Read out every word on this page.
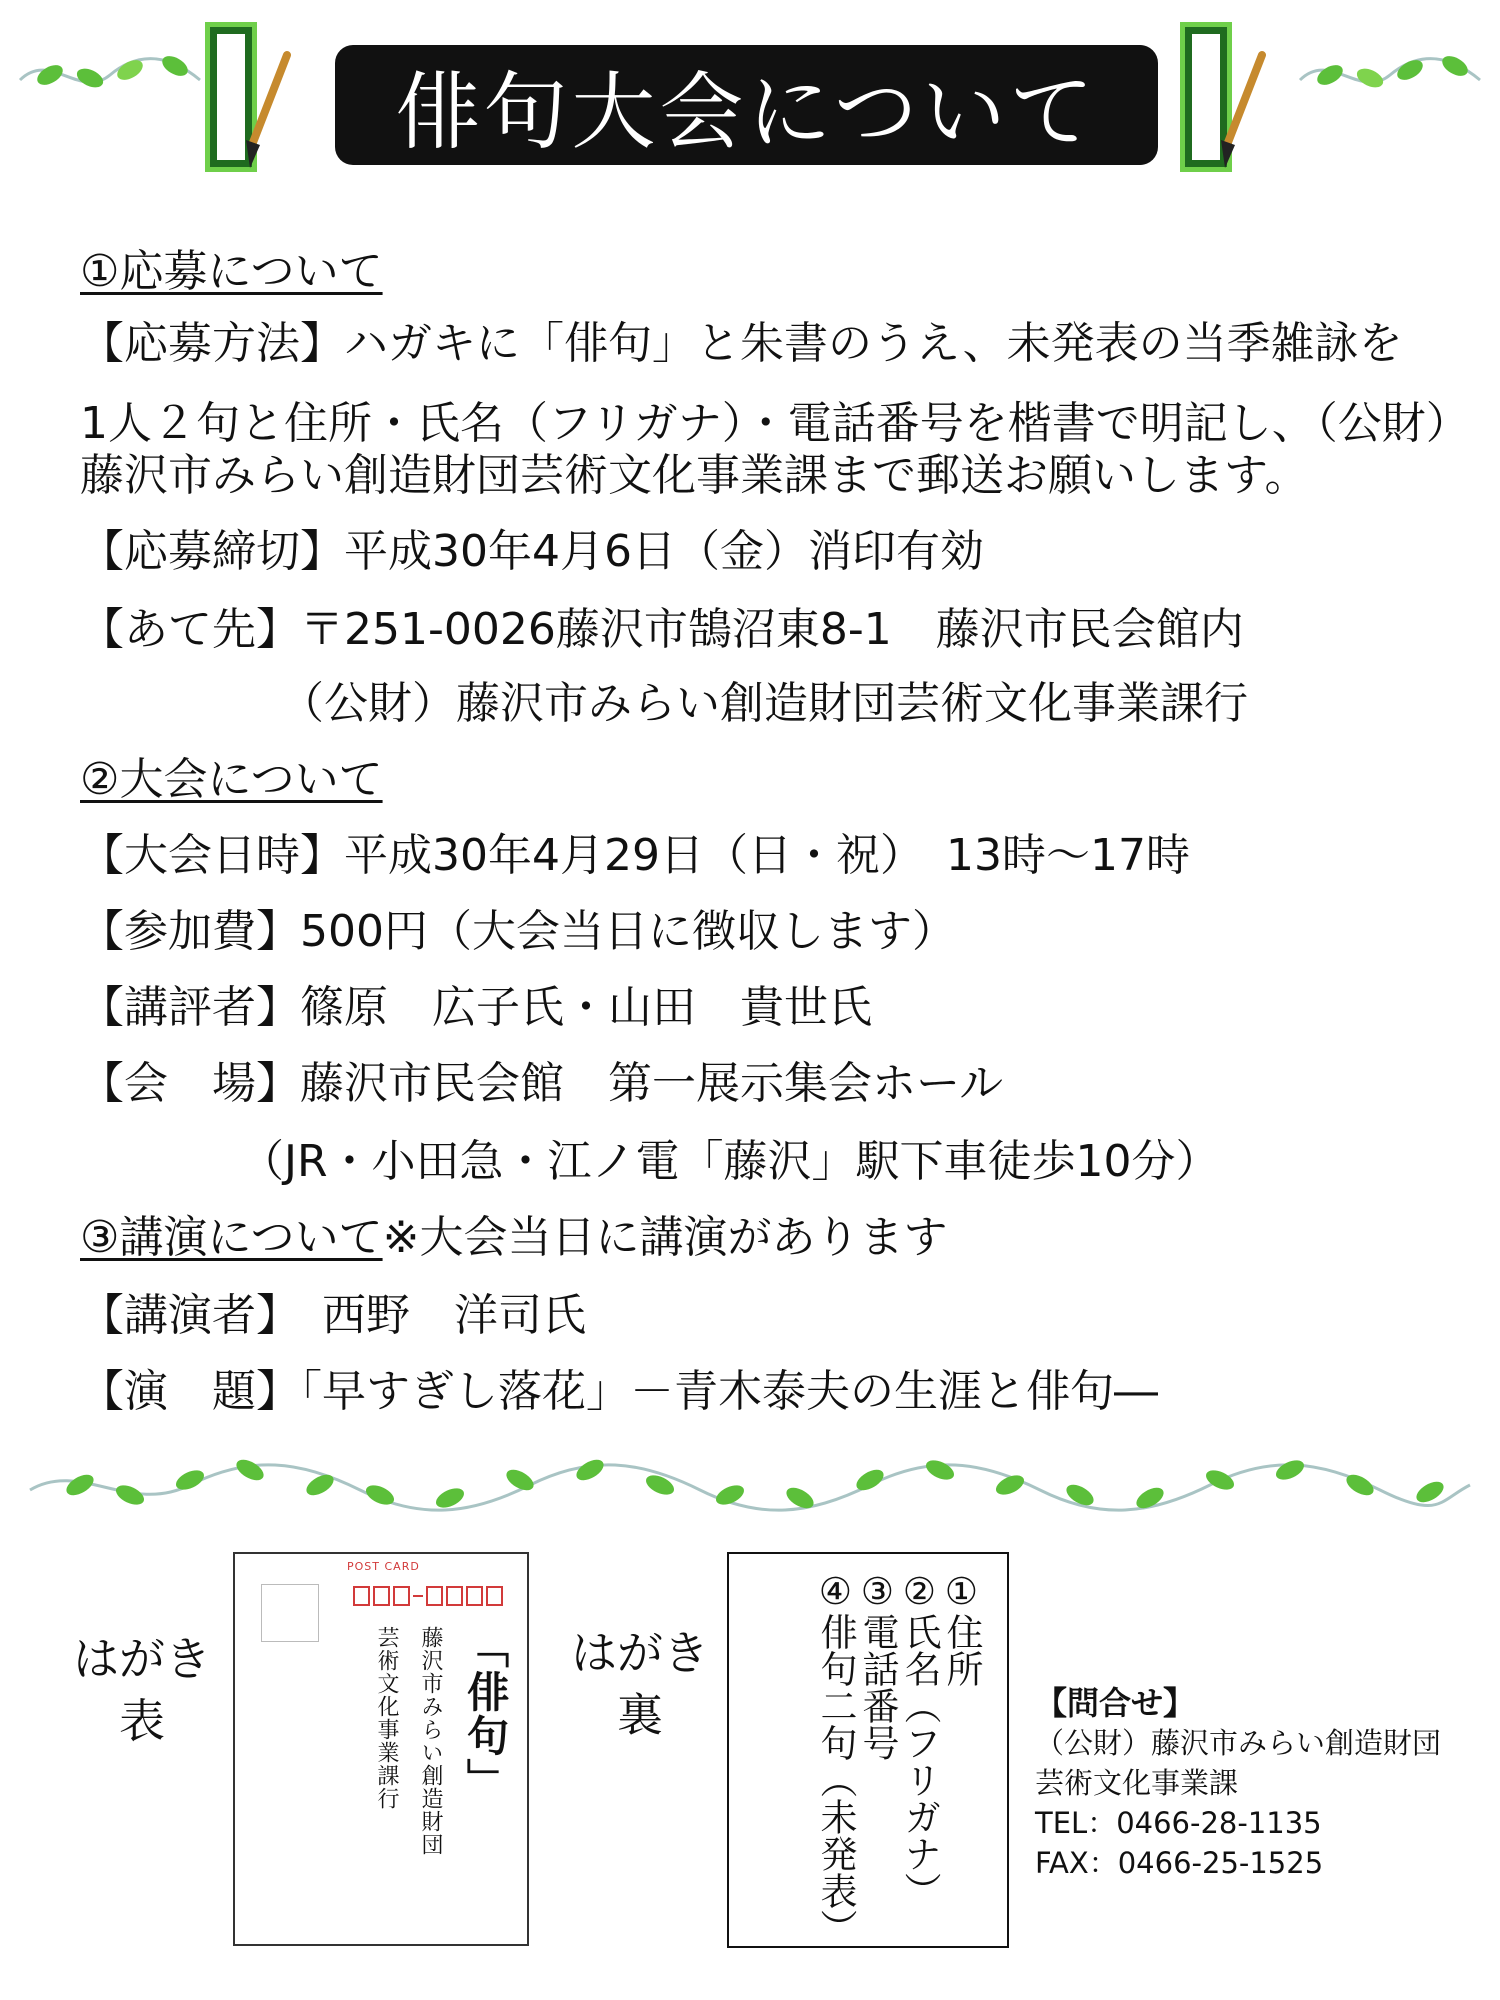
俳句大会について
①応募について
【応募方法】ハガキに「俳句」と朱書のうえ、未発表の当季雑詠を
1人２句と住所・氏名（フリガナ）・電話番号を楷書で明記し、（公財）
藤沢市みらい創造財団芸術文化事業課まで郵送お願いします。
【応募締切】平成30年4月6日（金）消印有効
【あて先】〒251-0026藤沢市鵠沼東8-1　藤沢市民会館内
（公財）藤沢市みらい創造財団芸術文化事業課行
②大会について
【大会日時】平成30年4月29日（日・祝）　13時～17時
【参加費】500円（大会当日に徴収します）
【講評者】篠原　広子氏・山田　貴世氏
【会　場】藤沢市民会館　第一展示集会ホール
（JR・小田急・江ノ電「藤沢」駅下車徒歩10分）
③講演について※大会当日に講演があります
【講演者】　西野　洋司氏
【演　題】「早すぎし落花」－青木泰夫の生涯と俳句―
はがき
表
POST CARD
「俳句」
藤沢市みらい創造財団
芸術文化事業課行	はがき
裏
①住所
②氏名（フリガナ）
③電話番号
④俳句二句（未発表）	【問合せ】
（公財）藤沢市みらい創造財団
芸術文化事業課
TEL：0466-28-1135
FAX：0466-25-1525
